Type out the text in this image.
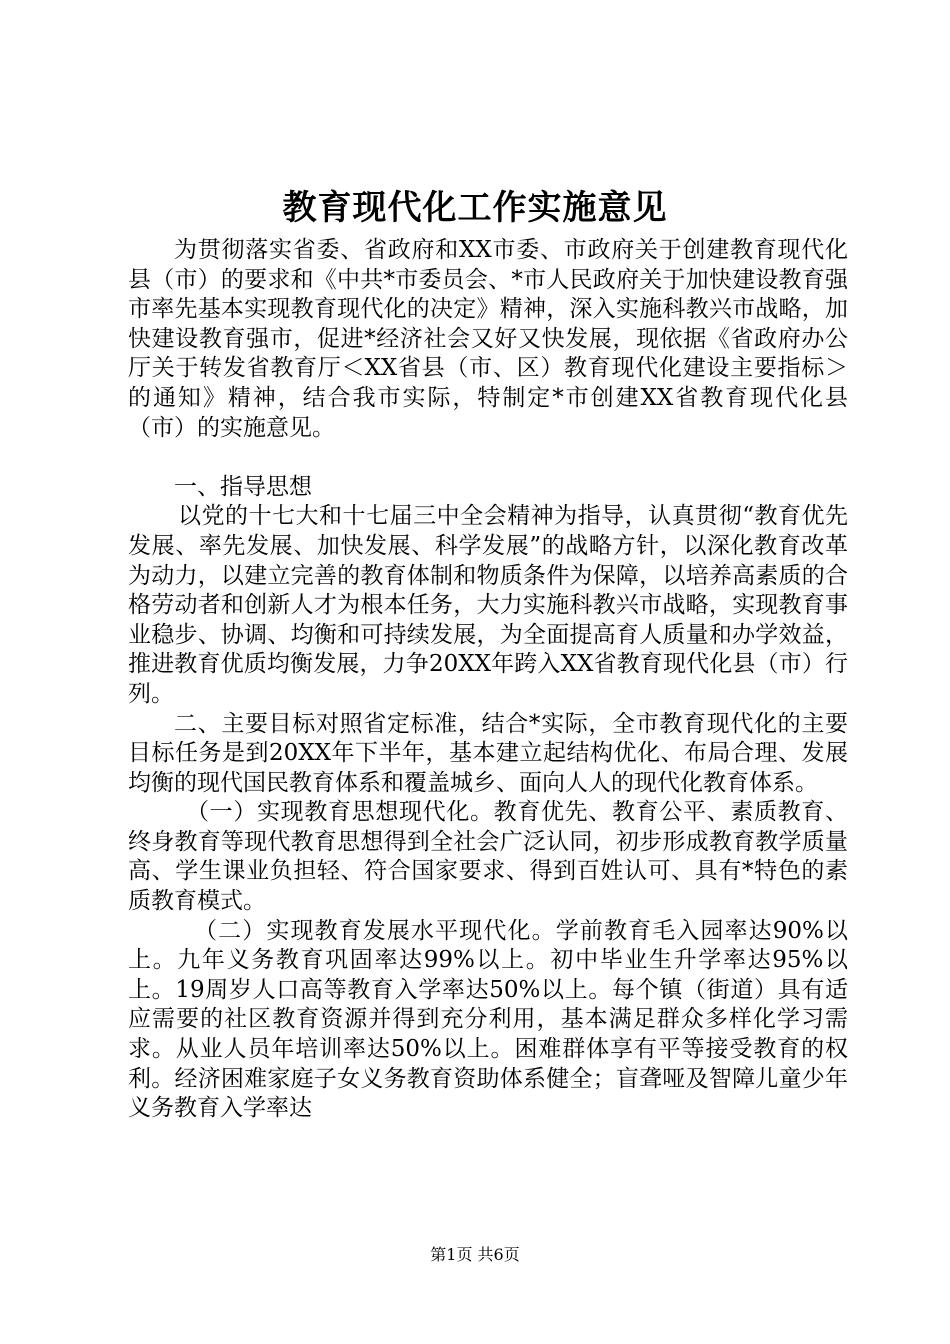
教育现代化工作实施意见

为贯彻落实省委、省政府和XX市委、市政府关于创建教育现代化县（市）的要求和《中共*市委员会、*市人民政府关于加快建设教育强市率先基本实现教育现代化的决定》精神，深入实施科教兴市战略，加快建设教育强市，促进*经济社会又好又快发展，现依据《省政府办公厅关于转发省教育厅＜XX省县（市、区）教育现代化建设主要指标＞的通知》精神，结合我市实际，特制定*市创建XX省教育现代化县（市）的实施意见。

一、指导思想

以党的十七大和十七届三中全会精神为指导，认真贯彻“教育优先发展、率先发展、加快发展、科学发展”的战略方针，以深化教育改革为动力，以建立完善的教育体制和物质条件为保障，以培养高素质的合格劳动者和创新人才为根本任务，大力实施科教兴市战略，实现教育事业稳步、协调、均衡和可持续发展，为全面提高育人质量和办学效益，推进教育优质均衡发展，力争20XX年跨入XX省教育现代化县（市）行列。

二、主要目标对照省定标准，结合*实际，全市教育现代化的主要目标任务是到20XX年下半年，基本建立起结构优化、布局合理、发展均衡的现代国民教育体系和覆盖城乡、面向人人的现代化教育体系。

（一）实现教育思想现代化。教育优先、教育公平、素质教育、终身教育等现代教育思想得到全社会广泛认同，初步形成教育教学质量高、学生课业负担轻、符合国家要求、得到百姓认可、具有*特色的素质教育模式。

（二）实现教育发展水平现代化。学前教育毛入园率达90%以上。九年义务教育巩固率达99%以上。初中毕业生升学率达95%以上。19周岁人口高等教育入学率达50%以上。每个镇（街道）具有适应需要的社区教育资源并得到充分利用，基本满足群众多样化学习需求。从业人员年培训率达50%以上。困难群体享有平等接受教育的权利。经济困难家庭子女义务教育资助体系健全；盲聋哑及智障儿童少年义务教育入学率达

第1页 共6页
